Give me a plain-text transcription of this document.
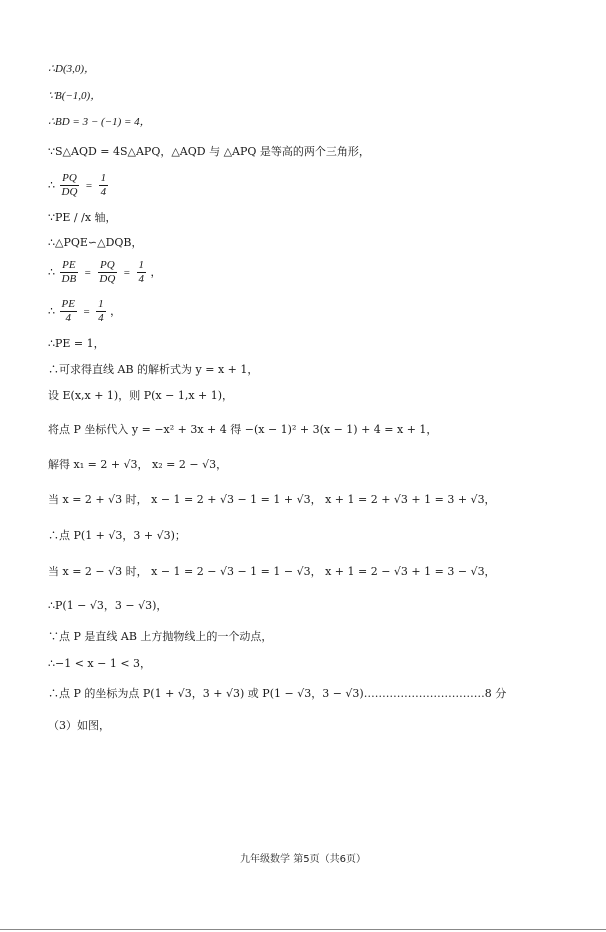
∴D(3,0)，
∵B(−1,0)，
∴BD = 3 − (−1) = 4，
∵S△AQD = 4S△APQ，△AQD 与 △APQ 是等高的两个三角形，
∴ $\frac{PQ}{DQ} = \frac{1}{4}$
∵PE / /x 轴，
∴△PQE∽△DQB，
∴ $\frac{PE}{DB} = \frac{PQ}{DQ} = \frac{1}{4}$ ，
∴ $\frac{PE}{4} = \frac{1}{4}$ ，
∴PE = 1，
∴可求得直线 AB 的解析式为 y = x + 1，
设 E(x,x + 1)，则 P(x − 1,x + 1)，
将点 P 坐标代入 y = −x² + 3x + 4 得 −(x − 1)² + 3(x − 1) + 4 = x + 1，
解得 x₁ = 2 + √3， x₂ = 2 − √3，
当 x = 2 + √3 时， x − 1 = 2 + √3 − 1 = 1 + √3， x + 1 = 2 + √3 + 1 = 3 + √3，
∴点 P(1 + √3，3 + √3)；
当 x = 2 − √3 时， x − 1 = 2 − √3 − 1 = 1 − √3， x + 1 = 2 − √3 + 1 = 3 − √3，
∴P(1 − √3，3 − √3)，
∵点 P 是直线 AB 上方抛物线上的一个动点，
∴−1 < x − 1 < 3，
∴点 P 的坐标为点 P(1 + √3，3 + √3) 或 P(1 − √3，3 − √3)……………………………8 分
（3）如图，
九年级数学 第5页（共6页）
